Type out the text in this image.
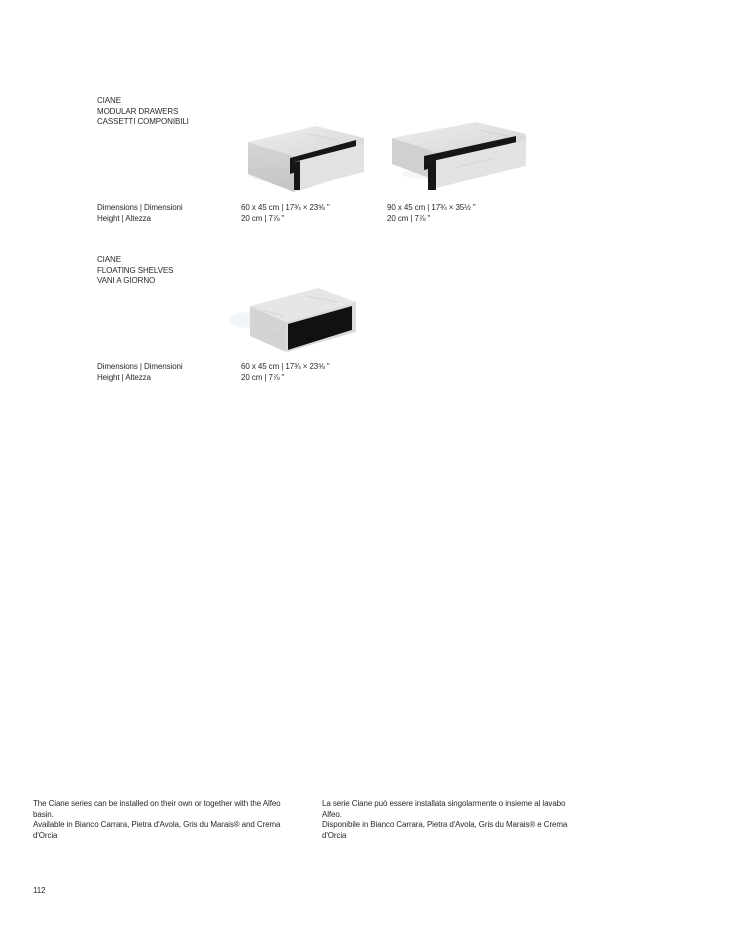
CIANE
MODULAR DRAWERS
CASSETTI COMPONIBILI
Dimensions | Dimensioni
Height | Altezza
60 x 45 cm | 17¾ × 23⅝ "
20 cm | 7⅞ "
90 x 45 cm | 17¾ × 35½ "
20 cm | 7⅞ "
CIANE
FLOATING SHELVES
VANI A GIORNO
Dimensions | Dimensioni
Height | Altezza
60 x 45 cm | 17¾ × 23⅝ "
20 cm | 7⅞ "
The Ciane series can be installed on their own or together with the Alfeo basin.
Available in Bianco Carrara, Pietra d'Avola, Gris du Marais® and Crema d'Orcia
La serie Ciane può essere installata singolarmente o insieme al lavabo Alfeo.
Disponibile in Bianco Carrara, Pietra d'Avola, Gris du Marais® e Crema d'Orcia
112
